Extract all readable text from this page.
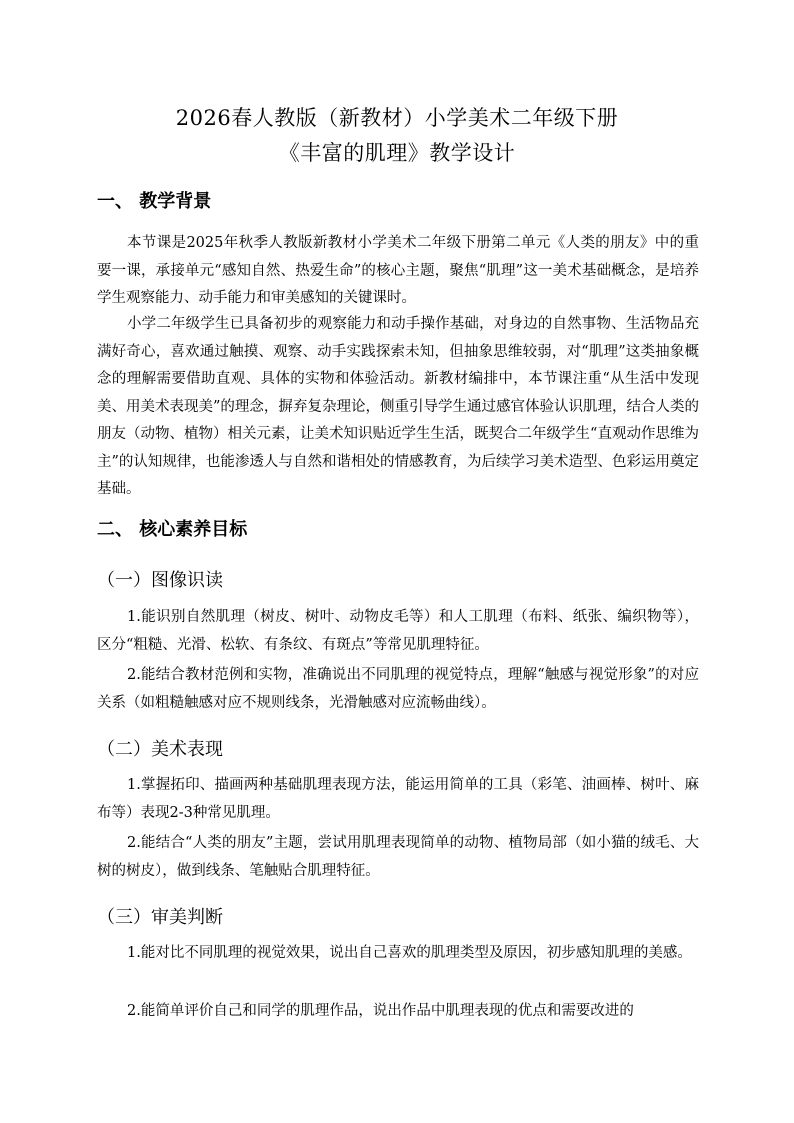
2026春人教版（新教材）小学美术二年级下册
《丰富的肌理》教学设计
一、 教学背景

本节课是2025年秋季人教版新教材小学美术二年级下册第二单元《人类的朋友》中的重要一课，承接单元“感知自然、热爱生命”的核心主题，聚焦“肌理”这一美术基础概念，是培养学生观察能力、动手能力和审美感知的关键课时。

小学二年级学生已具备初步的观察能力和动手操作基础，对身边的自然事物、生活物品充满好奇心，喜欢通过触摸、观察、动手实践探索未知，但抽象思维较弱，对“肌理”这类抽象概念的理解需要借助直观、具体的实物和体验活动。新教材编排中，本节课注重“从生活中发现美、用美术表现美”的理念，摒弃复杂理论，侧重引导学生通过感官体验认识肌理，结合人类的朋友（动物、植物）相关元素，让美术知识贴近学生生活，既契合二年级学生“直观动作思维为主”的认知规律，也能渗透人与自然和谐相处的情感教育，为后续学习美术造型、色彩运用奠定基础。

二、 核心素养目标
（一）图像识读

1.能识别自然肌理（树皮、树叶、动物皮毛等）和人工肌理（布料、纸张、编织物等），区分“粗糙、光滑、松软、有条纹、有斑点”等常见肌理特征。

2.能结合教材范例和实物，准确说出不同肌理的视觉特点，理解“触感与视觉形象”的对应关系（如粗糙触感对应不规则线条，光滑触感对应流畅曲线）。

（二）美术表现

1.掌握拓印、描画两种基础肌理表现方法，能运用简单的工具（彩笔、油画棒、树叶、麻布等）表现2-3种常见肌理。

2.能结合“人类的朋友”主题，尝试用肌理表现简单的动物、植物局部（如小猫的绒毛、大树的树皮），做到线条、笔触贴合肌理特征。

（三）审美判断

1.能对比不同肌理的视觉效果，说出自己喜欢的肌理类型及原因，初步感知肌理的美感。

2.能简单评价自己和同学的肌理作品，说出作品中肌理表现的优点和需要改进的
